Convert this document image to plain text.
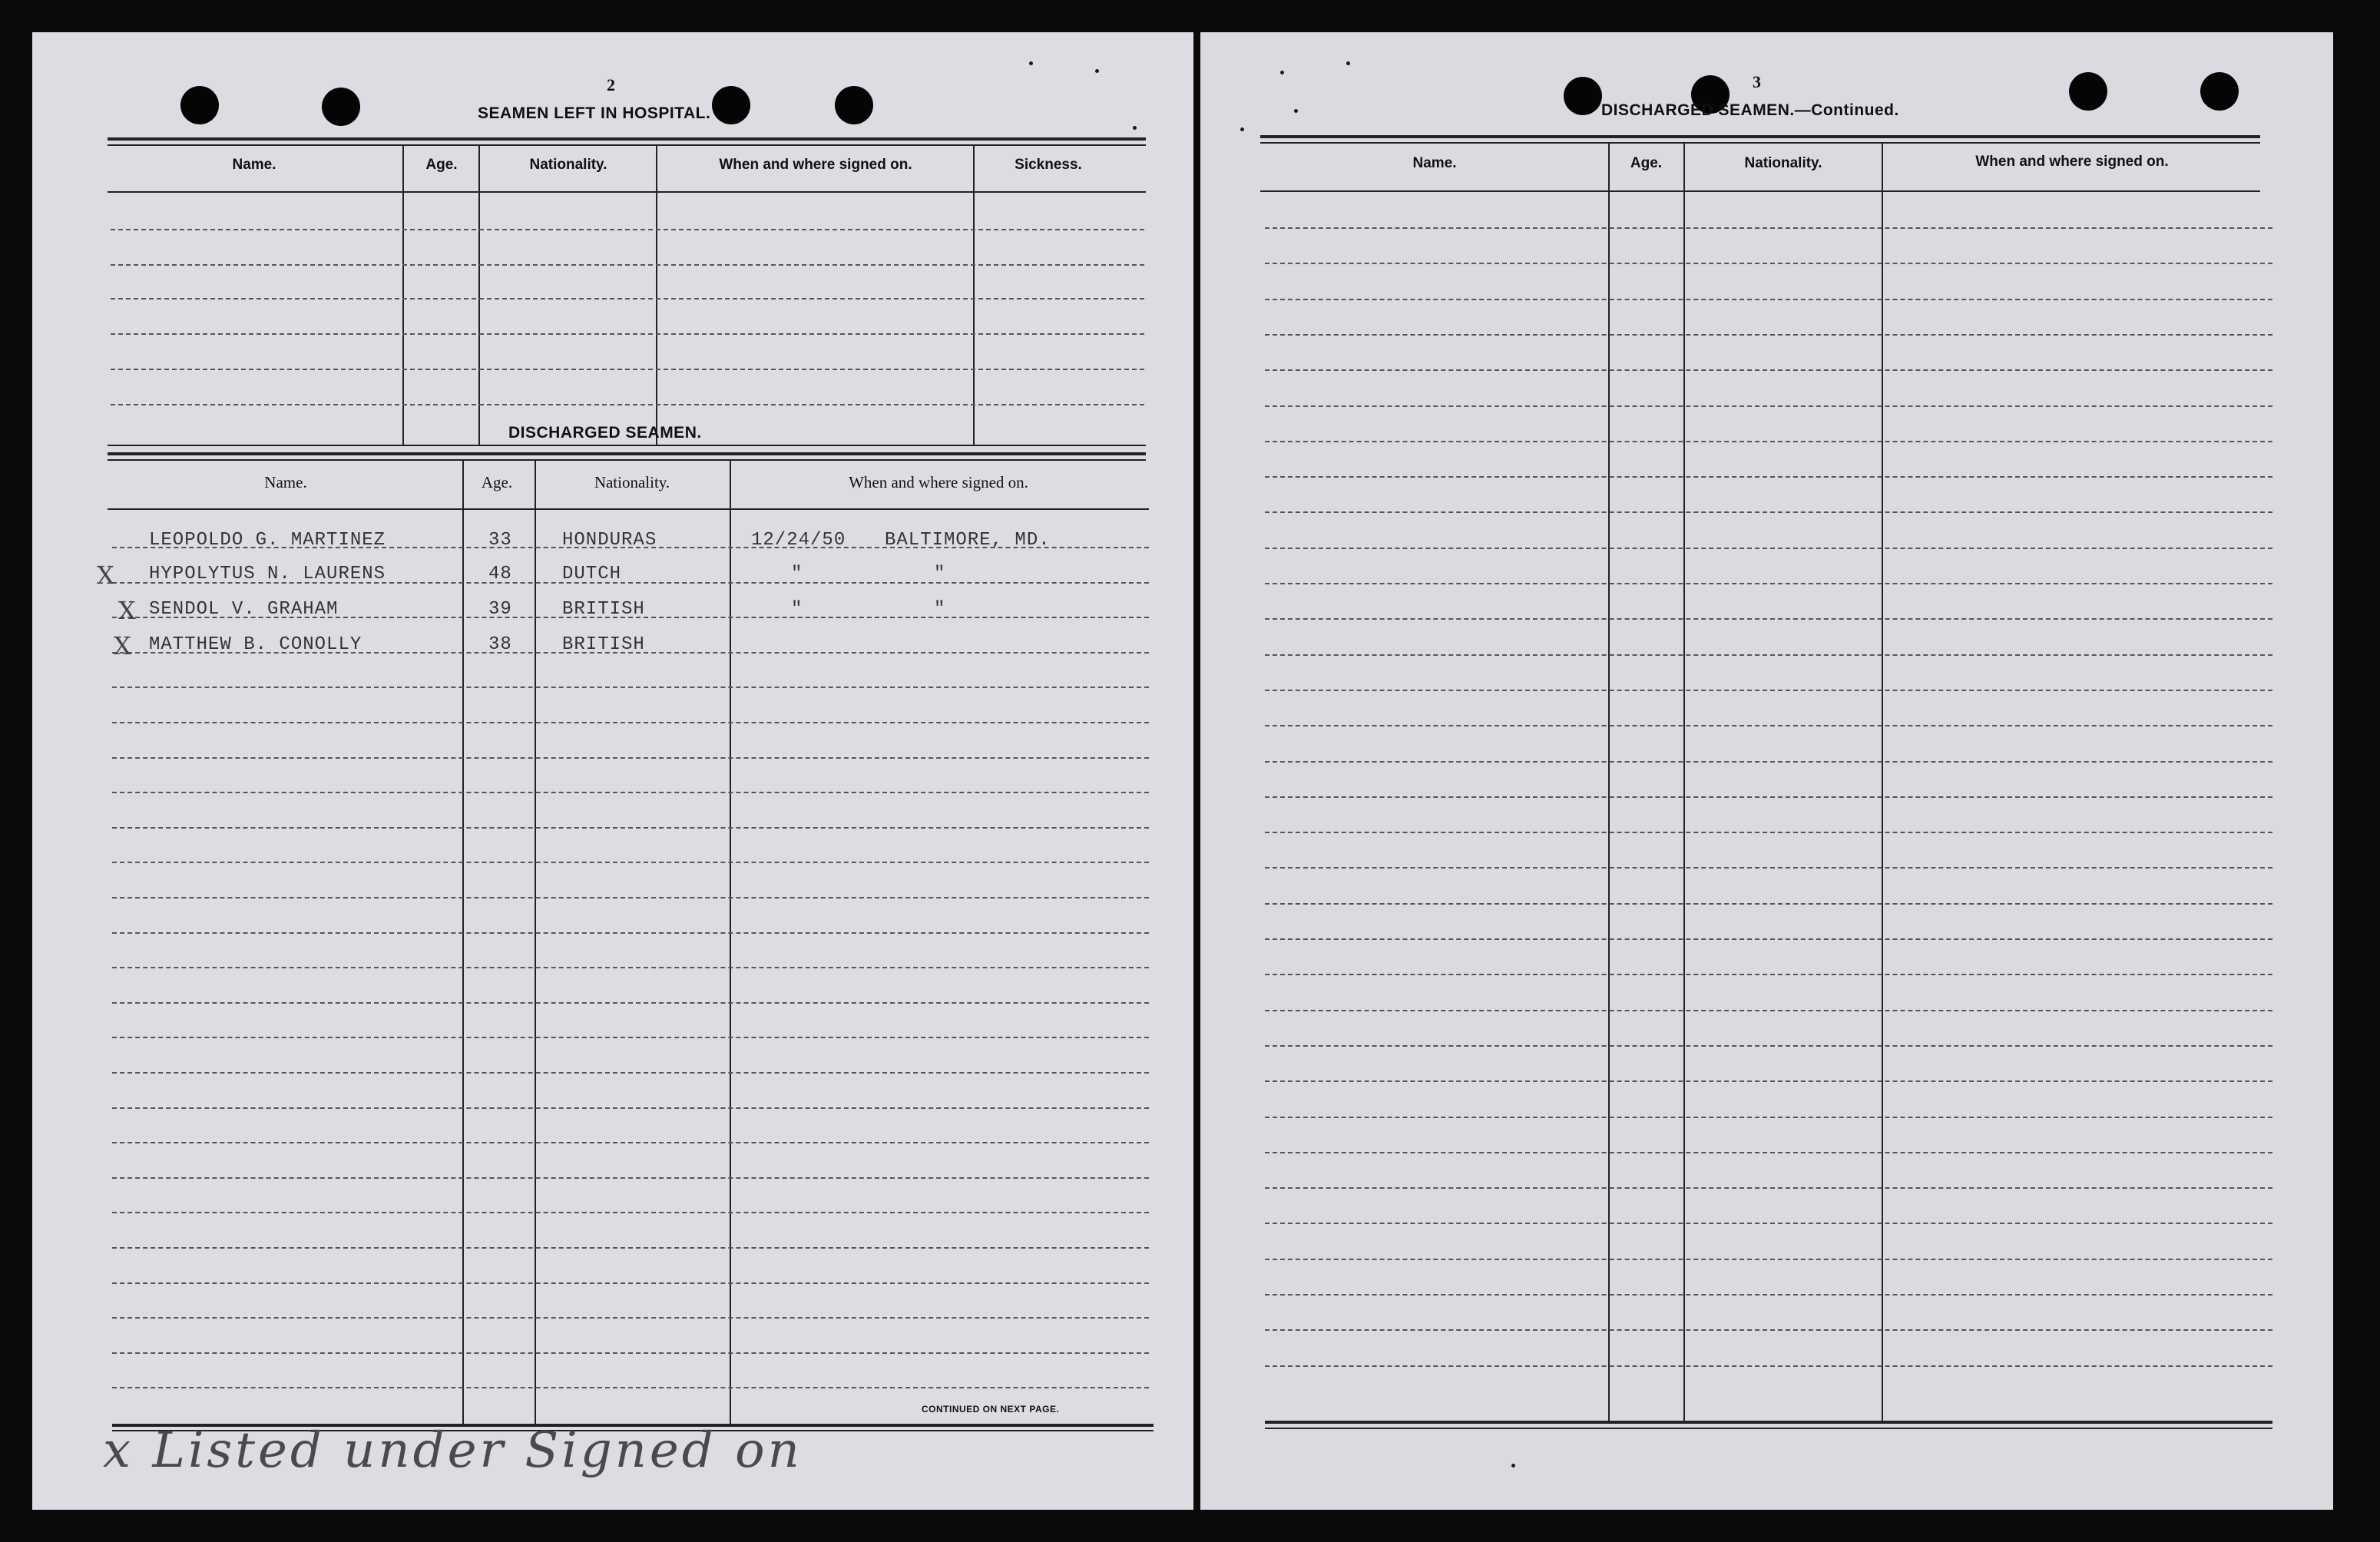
2
SEAMEN LEFT IN HOSPITAL.
Name.	Age.	Nationality.	When and where signed on.	Sickness.
DISCHARGED SEAMEN.
Name.	Age.	Nationality.	When and where signed on.
LEOPOLDO G. MARTINEZ	33	HONDURAS	12/24/50 BALTIMORE, MD.
X HYPOLYTUS N. LAURENS	48	DUTCH	"	"
X SENDOL V. GRAHAM	39	BRITISH	"	"
X MATTHEW B. CONOLLY	38	BRITISH
CONTINUED ON NEXT PAGE.
x Listed under Signed on
3
DISCHARGED SEAMEN.—Continued.
Name.	Age.	Nationality.	When and where signed on.
